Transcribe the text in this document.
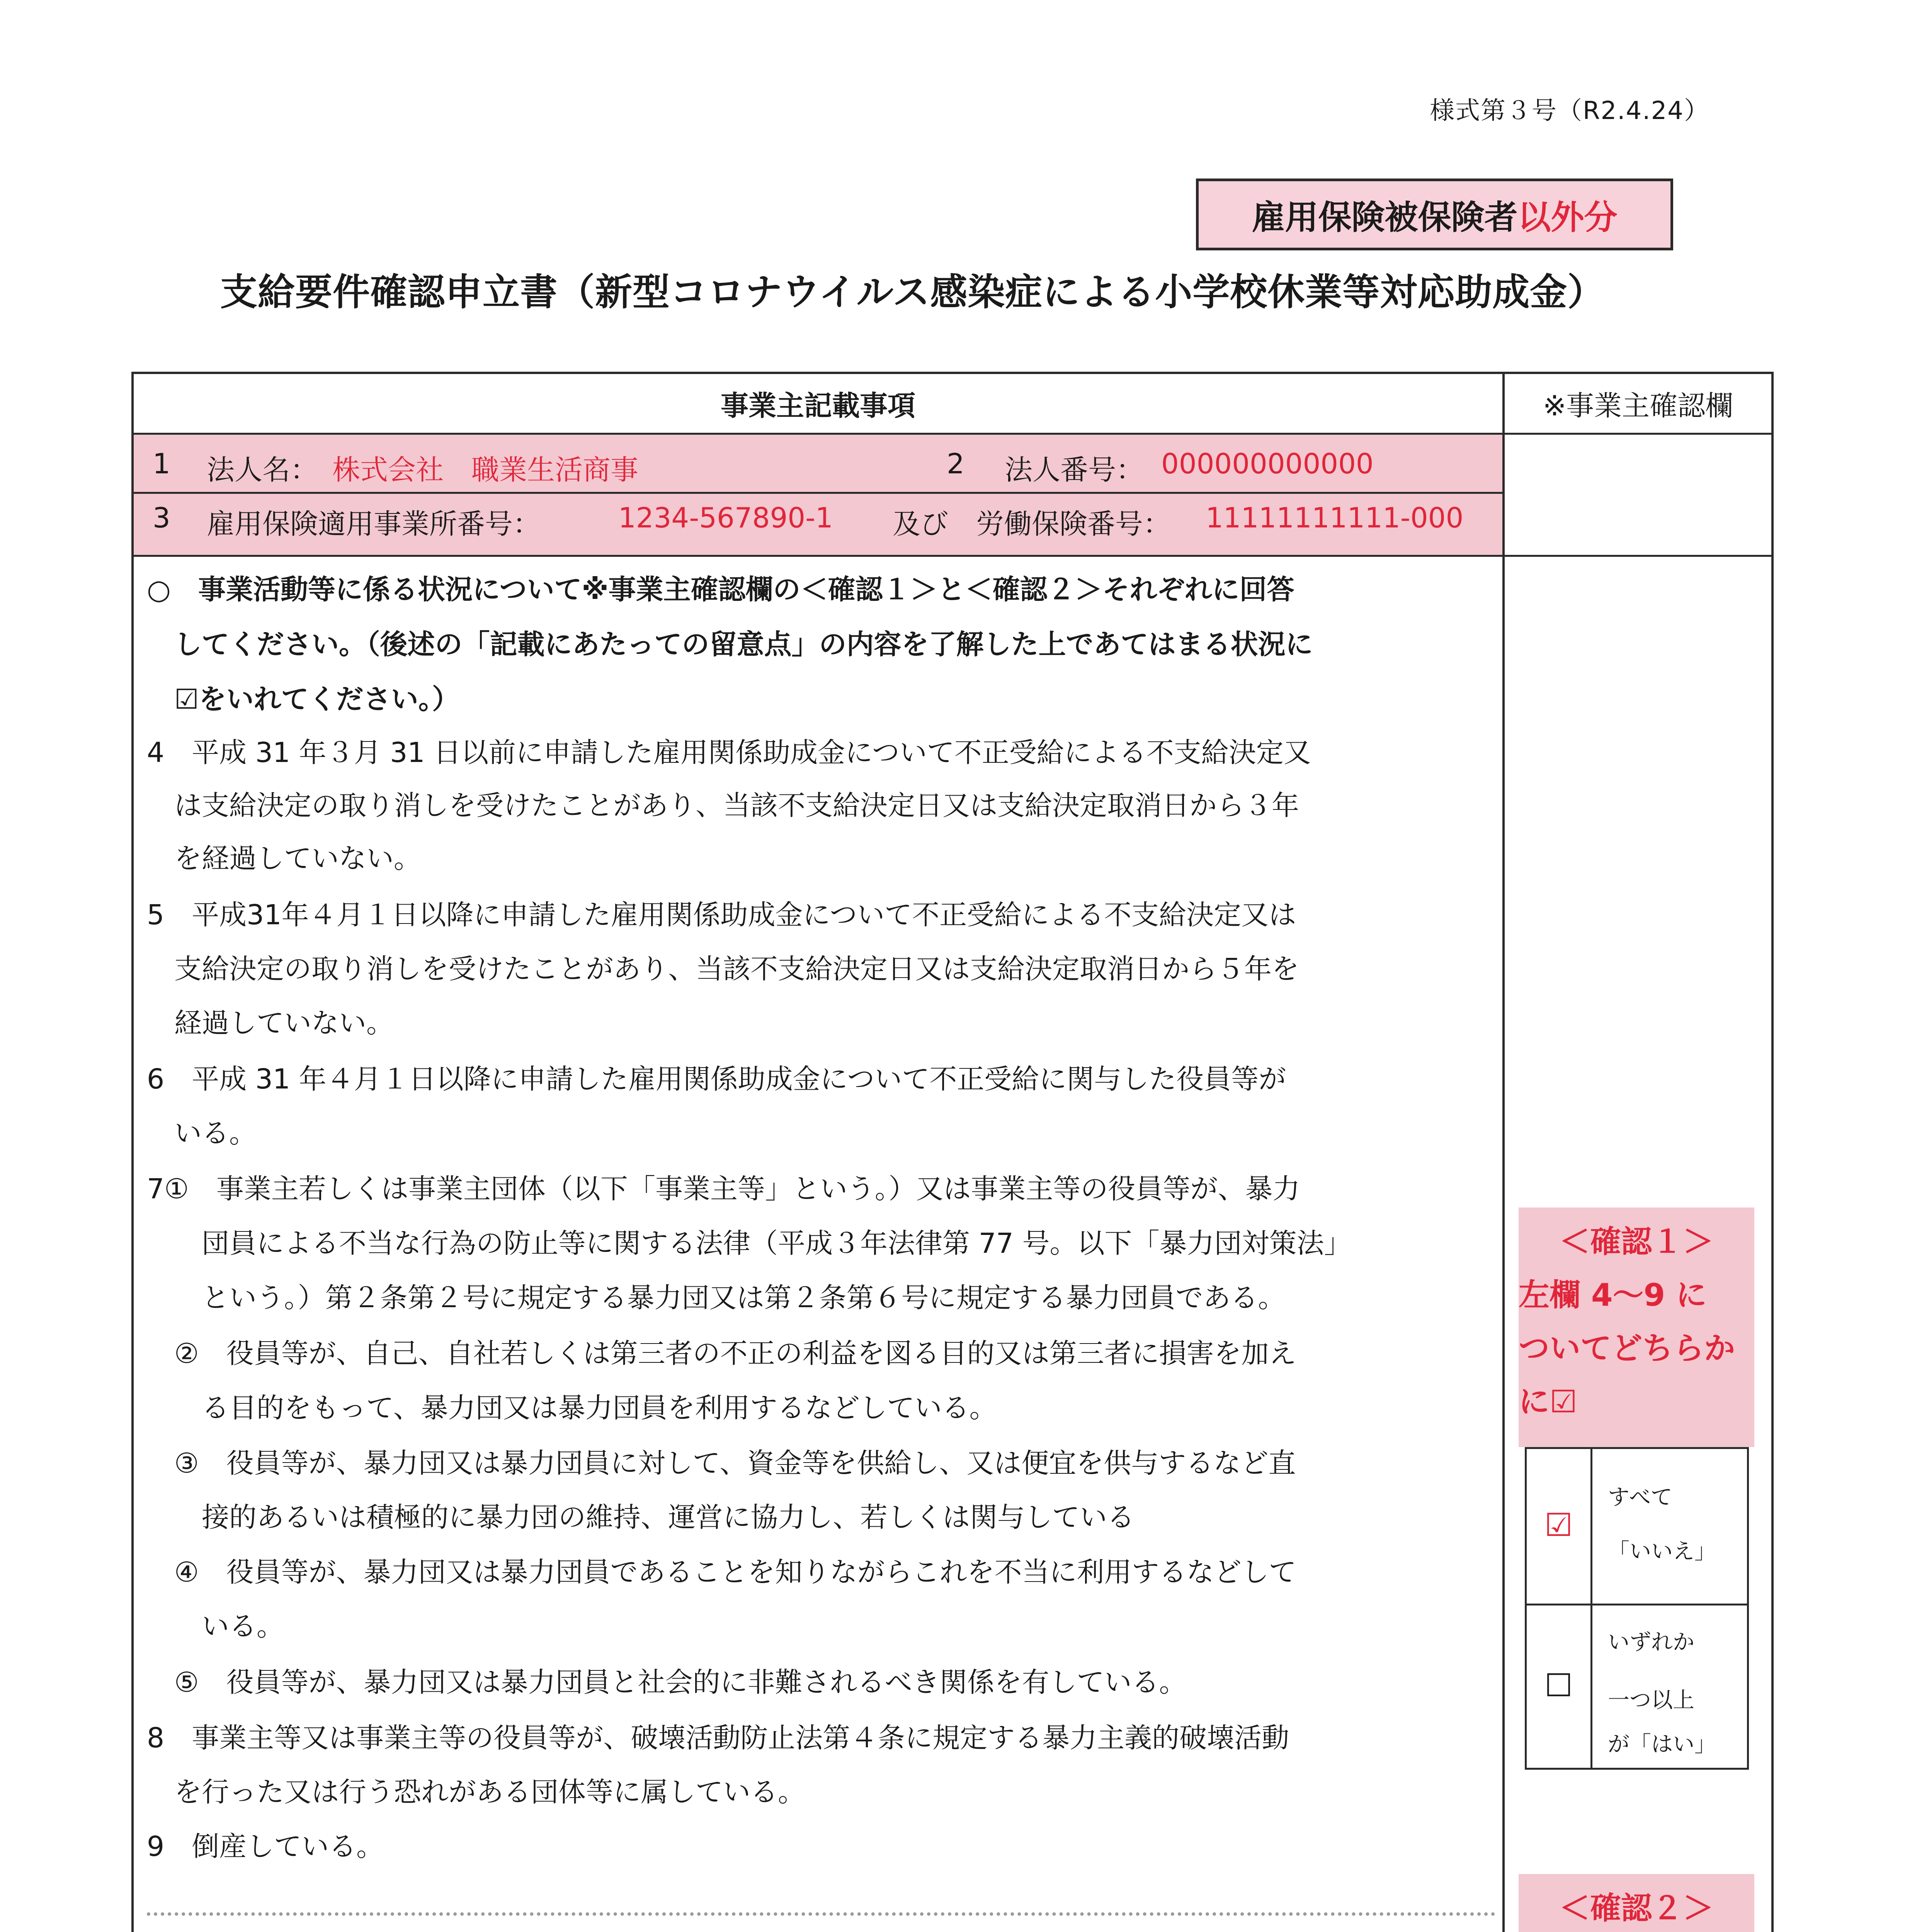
様式第３号（R2.4.24）
雇用保険被保険者 以外分
支給要件確認申立書（新型コロナウイルス感染症による小学校休業等対応助成金）
事業主記載事項	※事業主確認欄
1 法人名： 株式会社　職業生活商事	2 法人番号： 000000000000
3 雇用保険適用事業所番号：	1234-567890-1 及び　労働保険番号： 11111111111-000
○　事業活動等に係る状況について※事業主確認欄の＜確認１＞と＜確認２＞それぞれに回答
　してください。（後述の「記載にあたっての留意点」の内容を了解した上であてはまる状況に
　☑をいれてください。）
4　平成 31 年３月 31 日以前に申請した雇用関係助成金について不正受給による不支給決定又
　は支給決定の取り消しを受けたことがあり、当該不支給決定日又は支給決定取消日から３年
　を経過していない。
5　平成31年４月１日以降に申請した雇用関係助成金について不正受給による不支給決定又は
　支給決定の取り消しを受けたことがあり、当該不支給決定日又は支給決定取消日から５年を
　経過していない。
6　平成 31 年４月１日以降に申請した雇用関係助成金について不正受給に関与した役員等が
　いる。
7①　事業主若しくは事業主団体（以下「事業主等」という。）又は事業主等の役員等が、暴力
　　団員による不当な行為の防止等に関する法律（平成３年法律第 77 号。以下「暴力団対策法」
　　という。）第２条第２号に規定する暴力団又は第２条第６号に規定する暴力団員である。
　②　役員等が、自己、自社若しくは第三者の不正の利益を図る目的又は第三者に損害を加え
　　る目的をもって、暴力団又は暴力団員を利用するなどしている。
　③　役員等が、暴力団又は暴力団員に対して、資金等を供給し、又は便宜を供与するなど直
　　接的あるいは積極的に暴力団の維持、運営に協力し、若しくは関与している
　④　役員等が、暴力団又は暴力団員であることを知りながらこれを不当に利用するなどして
　　いる。
　⑤　役員等が、暴力団又は暴力団員と社会的に非難されるべき関係を有している。
8　事業主等又は事業主等の役員等が、破壊活動防止法第４条に規定する暴力主義的破壊活動
　を行った又は行う恐れがある団体等に属している。
9　倒産している。
＜確認１＞
左欄 4～9 に
ついてどちらか
に☑
☑
すべて
「いいえ」
☐
いずれか
一つ以上
が「はい」
＜確認２＞
